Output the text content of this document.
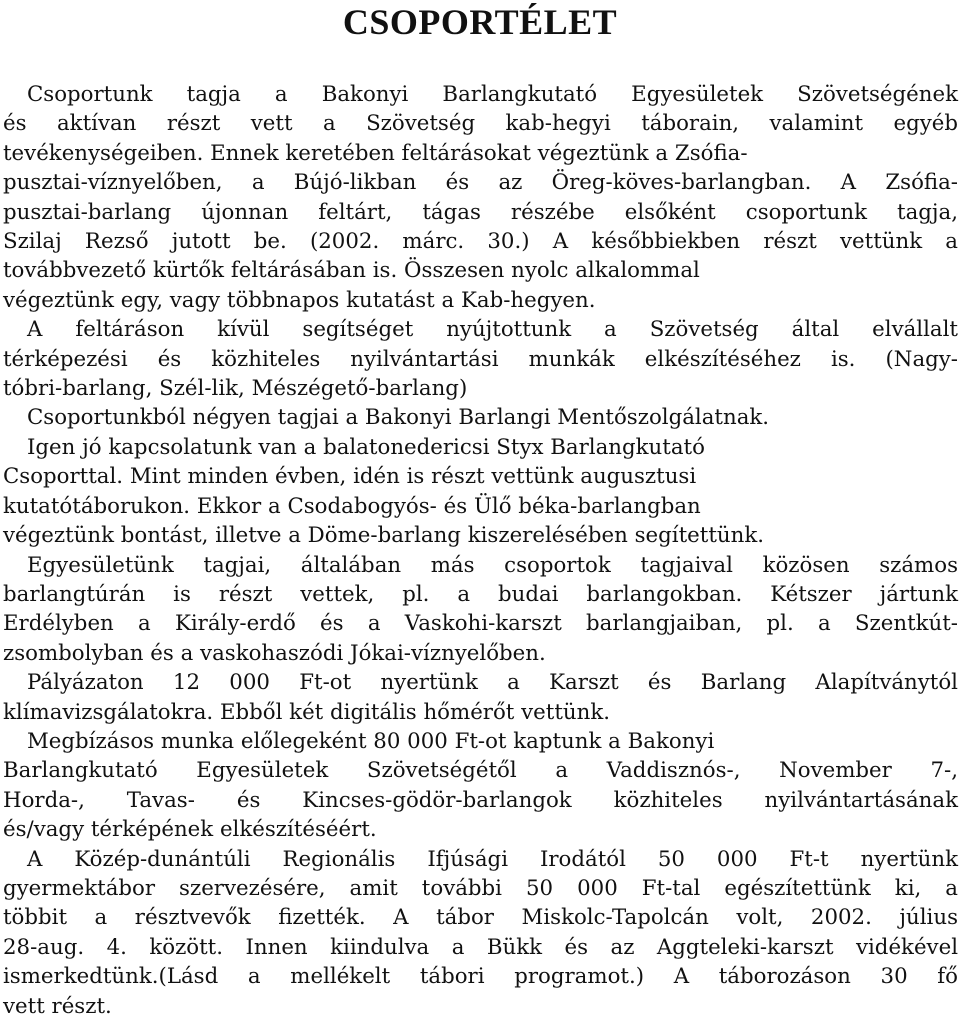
CSOPORTÉLET
Csoportunk tagja a Bakonyi Barlangkutató Egyesületek Szövetségének
és aktívan részt vett a Szövetség kab-hegyi táborain, valamint egyéb
tevékenységeiben. Ennek keretében feltárásokat végeztünk a Zsófia-
pusztai-víznyelőben, a Bújó-likban és az Öreg-köves-barlangban. A Zsófia-
pusztai-barlang újonnan feltárt, tágas részébe elsőként csoportunk tagja,
Szilaj Rezső jutott be. (2002. márc. 30.) A későbbiekben részt vettünk a
továbbvezető kürtők feltárásában is. Összesen nyolc alkalommal
végeztünk egy, vagy többnapos kutatást a Kab-hegyen.
A feltáráson kívül segítséget nyújtottunk a Szövetség által elvállalt
térképezési és közhiteles nyilvántartási munkák elkészítéséhez is. (Nagy-
tóbri-barlang, Szél-lik, Mészégető-barlang)
Csoportunkból négyen tagjai a Bakonyi Barlangi Mentőszolgálatnak.
Igen jó kapcsolatunk van a balatonedericsi Styx Barlangkutató
Csoporttal. Mint minden évben, idén is részt vettünk augusztusi
kutatótáborukon. Ekkor a Csodabogyós- és Ülő béka-barlangban
végeztünk bontást, illetve a Döme-barlang kiszerelésében segítettünk.
Egyesületünk tagjai, általában más csoportok tagjaival közösen számos
barlangtúrán is részt vettek, pl. a budai barlangokban. Kétszer jártunk
Erdélyben a Király-erdő és a Vaskohi-karszt barlangjaiban, pl. a Szentkút-
zsombolyban és a vaskohaszódi Jókai-víznyelőben.
Pályázaton 12 000 Ft-ot nyertünk a Karszt és Barlang Alapítványtól
klímavizsgálatokra. Ebből két digitális hőmérőt vettünk.
Megbízásos munka előlegeként 80 000 Ft-ot kaptunk a Bakonyi
Barlangkutató Egyesületek Szövetségétől a Vaddisznós-, November 7-,
Horda-, Tavas- és Kincses-gödör-barlangok közhiteles nyilvántartásának
és/vagy térképének elkészítéséért.
A Közép-dunántúli Regionális Ifjúsági Irodától 50 000 Ft-t nyertünk
gyermektábor szervezésére, amit további 50 000 Ft-tal egészítettünk ki, a
többit a résztvevők fizették. A tábor Miskolc-Tapolcán volt, 2002. július
28-aug. 4. között. Innen kiindulva a Bükk és az Aggteleki-karszt vidékével
ismerkedtünk.(Lásd a mellékelt tábori programot.) A táborozáson 30 fő
vett részt.
